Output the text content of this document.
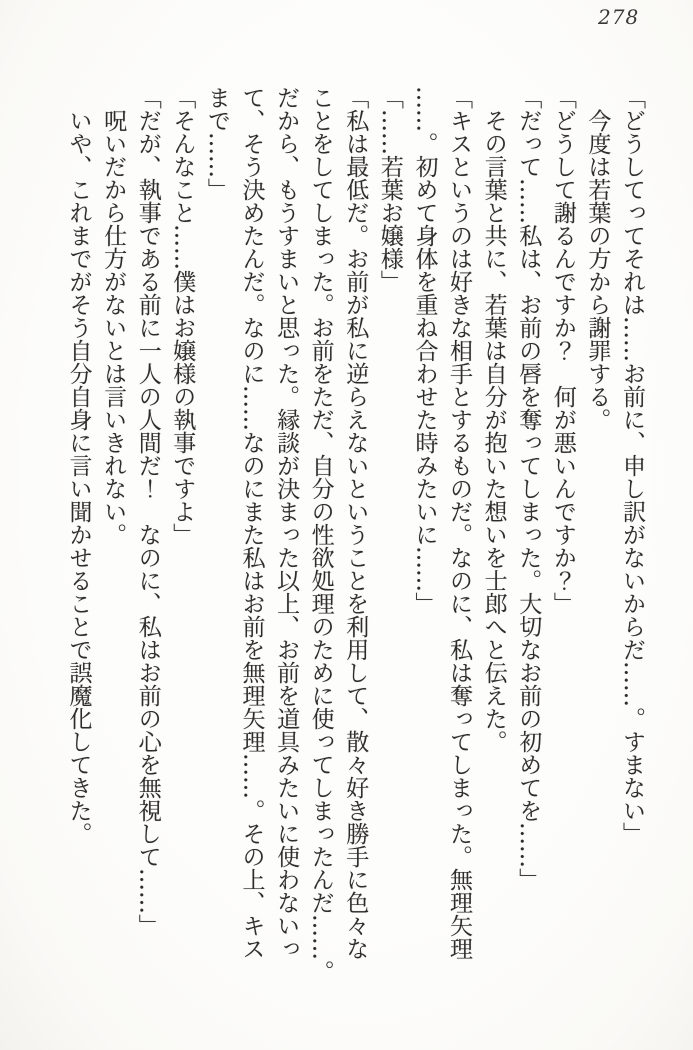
278

「どうしてってそれは……お前に、申し訳がないからだ……。すまない」

今度は若葉の方から謝罪する。

「どうして謝るんですか？　何が悪いんですか？」

「だって……私は、お前の唇を奪ってしまった。大切なお前の初めてを……」

その言葉と共に、若葉は自分が抱いた想いを士郎へと伝えた。

「キスというのは好きな相手とするものだ。なのに、私は奪ってしまった。無理矢理

……。初めて身体を重ね合わせた時みたいに……」

「……若葉お嬢様」

「私は最低だ。お前が私に逆らえないということを利用して、散々好き勝手に色々な

ことをしてしまった。お前をただ、自分の性欲処理のために使ってしまったんだ……。

だから、もうすまいと思った。縁談が決まった以上、お前を道具みたいに使わないっ

て、そう決めたんだ。なのに……なのにまた私はお前を無理矢理……。その上、キス

まで……」

「そんなこと……僕はお嬢様の執事ですよ」

「だが、執事である前に一人の人間だ！　なのに、私はお前の心を無視して……」

呪いだから仕方がないとは言いきれない。

いや、これまでがそう自分自身に言い聞かせることで誤魔化してきた。
